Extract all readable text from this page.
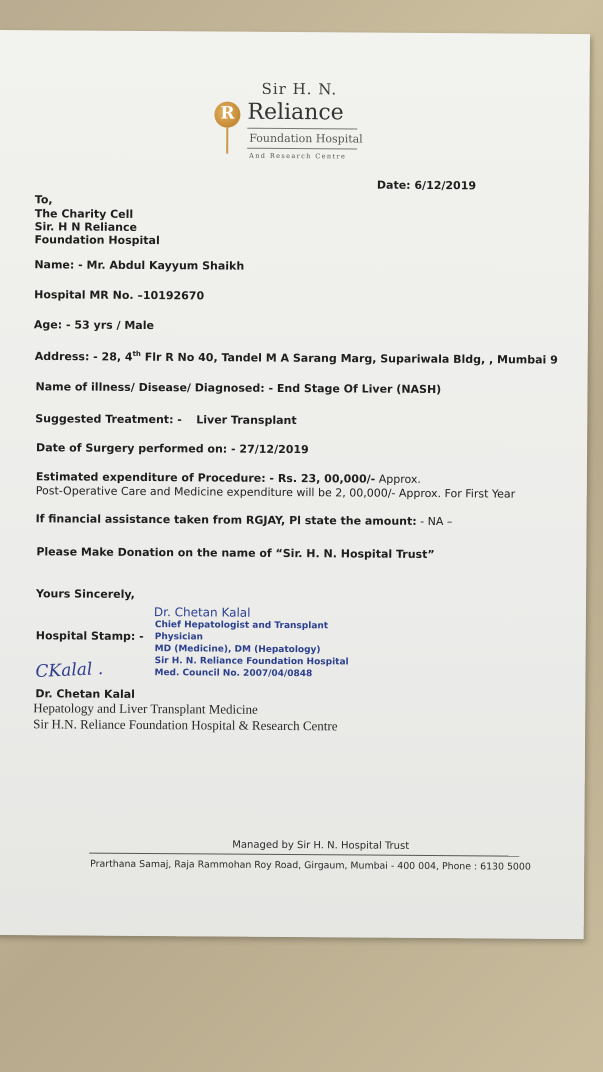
Sir H. N.
R Reliance
Foundation Hospital
And Research Centre
Date: 6/12/2019
To,
The Charity Cell
Sir. H N Reliance
Foundation Hospital
Name: - Mr. Abdul Kayyum Shaikh
Hospital MR No. –10192670
Age: - 53 yrs / Male
Address: - 28, 4th Flr R No 40, Tandel M A Sarang Marg, Supariwala Bldg, , Mumbai 9
Name of illness/ Disease/ Diagnosed: - End Stage Of Liver (NASH)
Suggested Treatment: - Liver Transplant
Date of Surgery performed on: - 27/12/2019
Estimated expenditure of Procedure: - Rs. 23, 00,000/- Approx.
Post-Operative Care and Medicine expenditure will be 2, 00,000/- Approx. For First Year
If financial assistance taken from RGJAY, Pl state the amount: - NA –
Please Make Donation on the name of “Sir. H. N. Hospital Trust”
Yours Sincerely,
Hospital Stamp: -
Dr. Chetan Kalal
Chief Hepatologist and Transplant
Physician
MD (Medicine), DM (Hepatology)
Sir H. N. Reliance Foundation Hospital
Med. Council No. 2007/04/0848
CKalal .
Dr. Chetan Kalal
Hepatology and Liver Transplant Medicine
Sir H.N. Reliance Foundation Hospital & Research Centre
Managed by Sir H. N. Hospital Trust
Prarthana Samaj, Raja Rammohan Roy Road, Girgaum, Mumbai - 400 004, Phone : 6130 5000
